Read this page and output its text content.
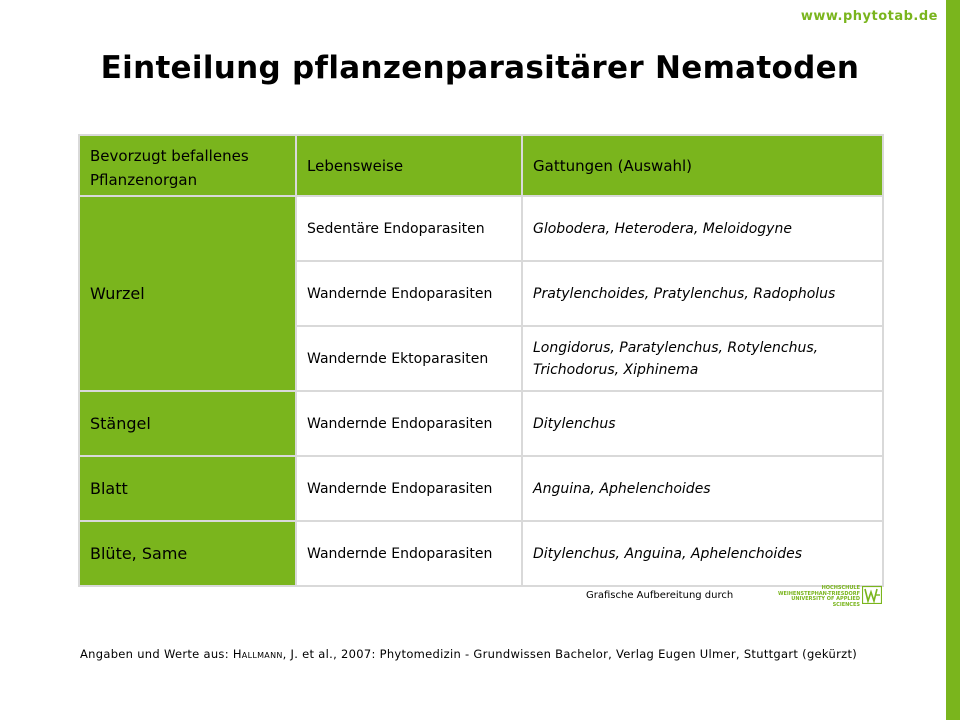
www.phytotab.de
Einteilung pflanzenparasitärer Nematoden
Bevorzugt befallenes Pflanzenorgan	Lebensweise	Gattungen (Auswahl)
Wurzel	Sedentäre Endoparasiten	Globodera, Heterodera, Meloidogyne
	Wandernde Endoparasiten	Pratylenchoides, Pratylenchus, Radopholus
	Wandernde Ektoparasiten	Longidorus, Paratylenchus, Rotylenchus, Trichodorus, Xiphinema
Stängel	Wandernde Endoparasiten	Ditylenchus
Blatt	Wandernde Endoparasiten	Anguina, Aphelenchoides
Blüte, Same	Wandernde Endoparasiten	Ditylenchus, Anguina, Aphelenchoides
Grafische Aufbereitung durch
HOCHSCHULE
WEIHENSTEPHAN-TRIESDORF
UNIVERSITY OF APPLIED SCIENCES
Angaben und Werte aus: Hallmann, J. et al., 2007: Phytomedizin - Grundwissen Bachelor, Verlag Eugen Ulmer, Stuttgart (gekürzt)
